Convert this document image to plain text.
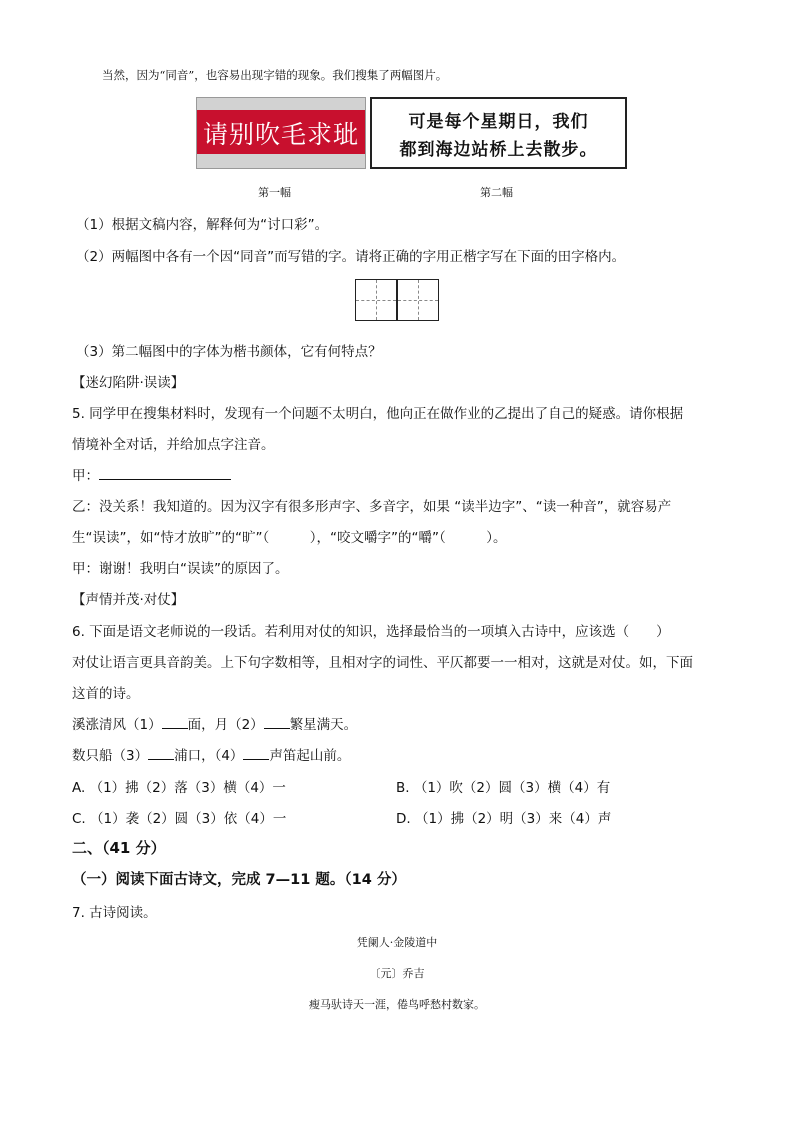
当然，因为“同音”，也容易出现字错的现象。我们搜集了两幅图片。
请别吹毛求玼	可是每个星期日，我们
都到海边站桥上去散步。
第一幅	第二幅
（1）根据文稿内容，解释何为“讨口彩”。
（2）两幅图中各有一个因“同音”而写错的字。请将正确的字用正楷字写在下面的田字格内。
（3）第二幅图中的字体为楷书颜体，它有何特点？
【迷幻陷阱·误读】
5. 同学甲在搜集材料时，发现有一个问题不太明白，他向正在做作业的乙提出了自己的疑惑。请你根据
情境补全对话，并给加点字注音。
甲：
乙：没关系！我知道的。因为汉字有很多形声字、多音字，如果 “读半边字”、“读一种音”，就容易产
生“误读”，如“恃才放旷”的“旷”（　　　），“咬文嚼字”的“嚼”（　　　）。
甲：谢谢！我明白“误读”的原因了。
【声情并茂·对仗】
6. 下面是语文老师说的一段话。若利用对仗的知识，选择最恰当的一项填入古诗中，应该选（　　）
对仗让语言更具音韵美。上下句字数相等，且相对字的词性、平仄都要一一相对，这就是对仗。如，下面
这首的诗。
溪涨清风（1） 面，月（2） 繁星满天。
数只船（3） 浦口，（4） 声笛起山前。
A. （1）拂（2）落（3）横（4）一	B. （1）吹（2）圆（3）横（4）有
C. （1）袭（2）圆（3）依（4）一	D. （1）拂（2）明（3）来（4）声
二、（41 分）
（一）阅读下面古诗文，完成 7—11 题。（14 分）
7. 古诗阅读。
凭阑人·金陵道中
〔元〕乔吉
瘦马驮诗天一涯，倦鸟呼愁村数家。
